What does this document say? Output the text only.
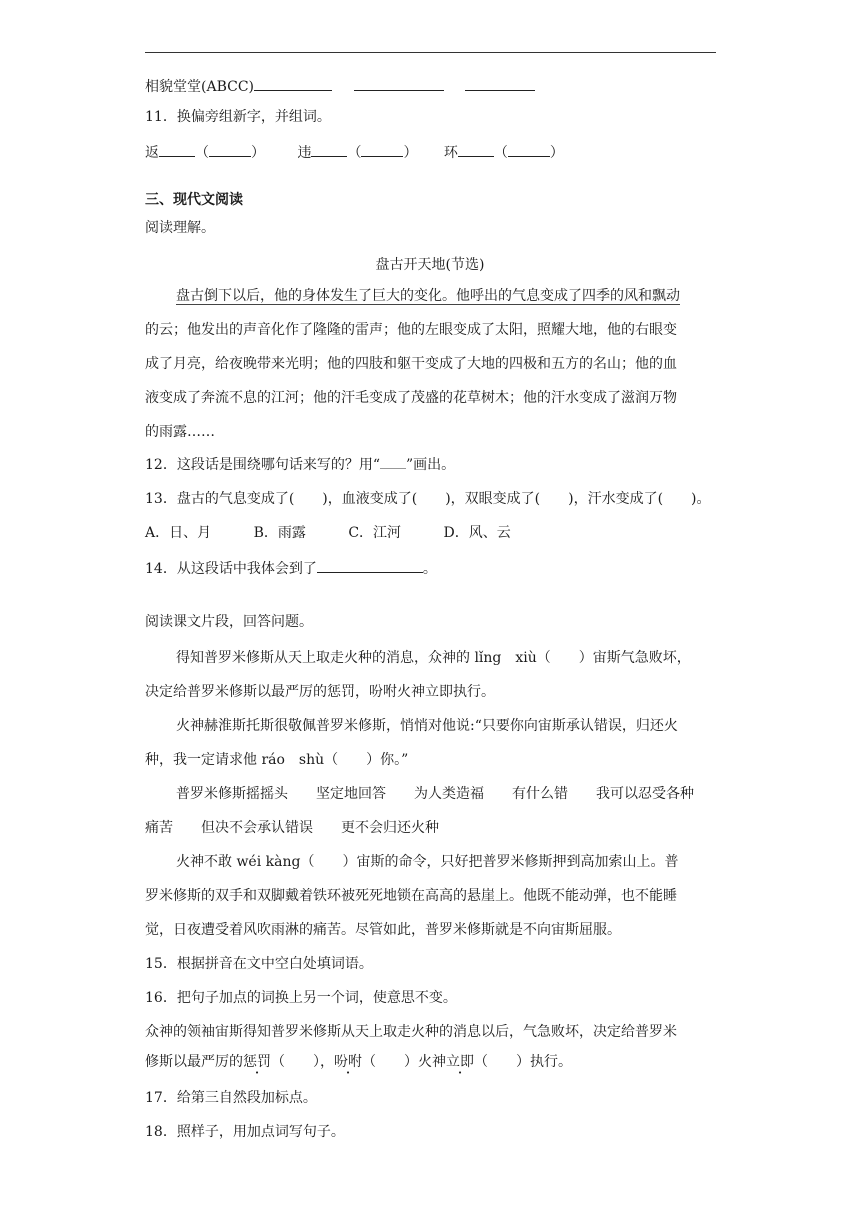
相貌堂堂(ABCC)
11．换偏旁组新字，并组词。
返	（	） 违	（	） 环	（	）
三、现代文阅读
阅读理解。
盘古开天地(节选)
盘古倒下以后，他的身体发生了巨大的变化。他呼出的气息变成了四季的风和飘动
的云；他发出的声音化作了隆隆的雷声；他的左眼变成了太阳，照耀大地，他的右眼变
成了月亮，给夜晚带来光明；他的四肢和躯干变成了大地的四极和五方的名山；他的血
液变成了奔流不息的江河；他的汗毛变成了茂盛的花草树木；他的汗水变成了滋润万物
的雨露……
12．这段话是围绕哪句话来写的？用“ ”画出。
13．盘古的气息变成了(　　)，血液变成了(　　)，双眼变成了(　　)，汗水变成了(　　)。
A．日、月	B．雨露	C．江河	D．风、云
14．从这段话中我体会到了	。
阅读课文片段，回答问题。
得知普罗米修斯从天上取走火种的消息，众神的 lǐng　xiù（　　）宙斯气急败坏，
决定给普罗米修斯以最严厉的惩罚，吩咐火神立即执行。
火神赫淮斯托斯很敬佩普罗米修斯，悄悄对他说:“只要你向宙斯承认错误，归还火
种，我一定请求他 ráo　shù（　　）你。”
普罗米修斯摇摇头　　坚定地回答　　为人类造福　　有什么错　　我可以忍受各种
痛苦　　但决不会承认错误　　更不会归还火种
火神不敢 wéi kàng（　　）宙斯的命令，只好把普罗米修斯押到高加索山上。普
罗米修斯的双手和双脚戴着铁环被死死地锁在高高的悬崖上。他既不能动弹，也不能睡
觉，日夜遭受着风吹雨淋的痛苦。尽管如此，普罗米修斯就是不向宙斯屈服。
15．根据拼音在文中空白处填词语。
16．把句子加点的词换上另一个词，使意思不变。
众神的领袖宙斯得知普罗米修斯从天上取走火种的消息以后，气急败坏，决定给普罗米
修斯以最严厉的惩罚（　　），吩咐（　　）火神立即（　　）执行。
17．给第三自然段加标点。
18．照样子，用加点词写句子。
